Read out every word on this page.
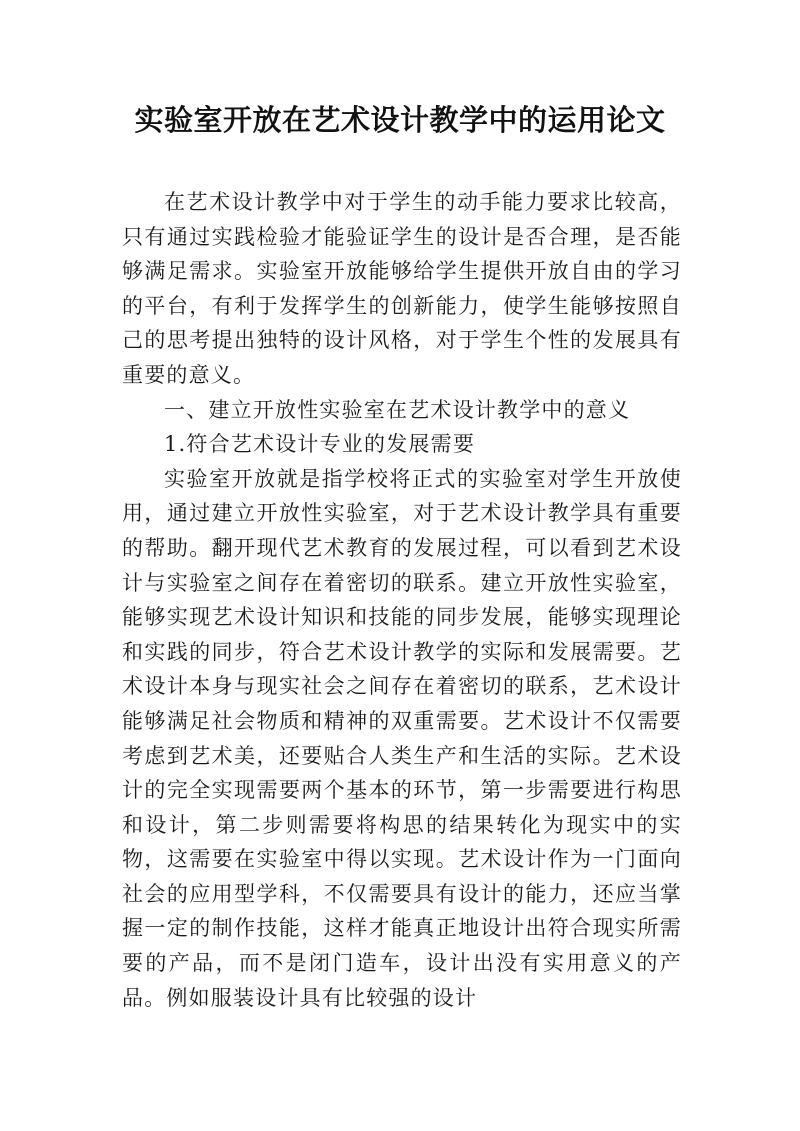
实验室开放在艺术设计教学中的运用论文

在艺术设计教学中对于学生的动手能力要求比较高，只有通过实践检验才能验证学生的设计是否合理，是否能够满足需求。实验室开放能够给学生提供开放自由的学习的平台，有利于发挥学生的创新能力，使学生能够按照自己的思考提出独特的设计风格，对于学生个性的发展具有重要的意义。

一、建立开放性实验室在艺术设计教学中的意义

1.符合艺术设计专业的发展需要

实验室开放就是指学校将正式的实验室对学生开放使用，通过建立开放性实验室，对于艺术设计教学具有重要的帮助。翻开现代艺术教育的发展过程，可以看到艺术设计与实验室之间存在着密切的联系。建立开放性实验室，能够实现艺术设计知识和技能的同步发展，能够实现理论和实践的同步，符合艺术设计教学的实际和发展需要。艺术设计本身与现实社会之间存在着密切的联系，艺术设计能够满足社会物质和精神的双重需要。艺术设计不仅需要考虑到艺术美，还要贴合人类生产和生活的实际。艺术设计的完全实现需要两个基本的环节，第一步需要进行构思和设计，第二步则需要将构思的结果转化为现实中的实物，这需要在实验室中得以实现。艺术设计作为一门面向社会的应用型学科，不仅需要具有设计的能力，还应当掌握一定的制作技能，这样才能真正地设计出符合现实所需要的产品，而不是闭门造车，设计出没有实用意义的产品。例如服装设计具有比较强的设计
